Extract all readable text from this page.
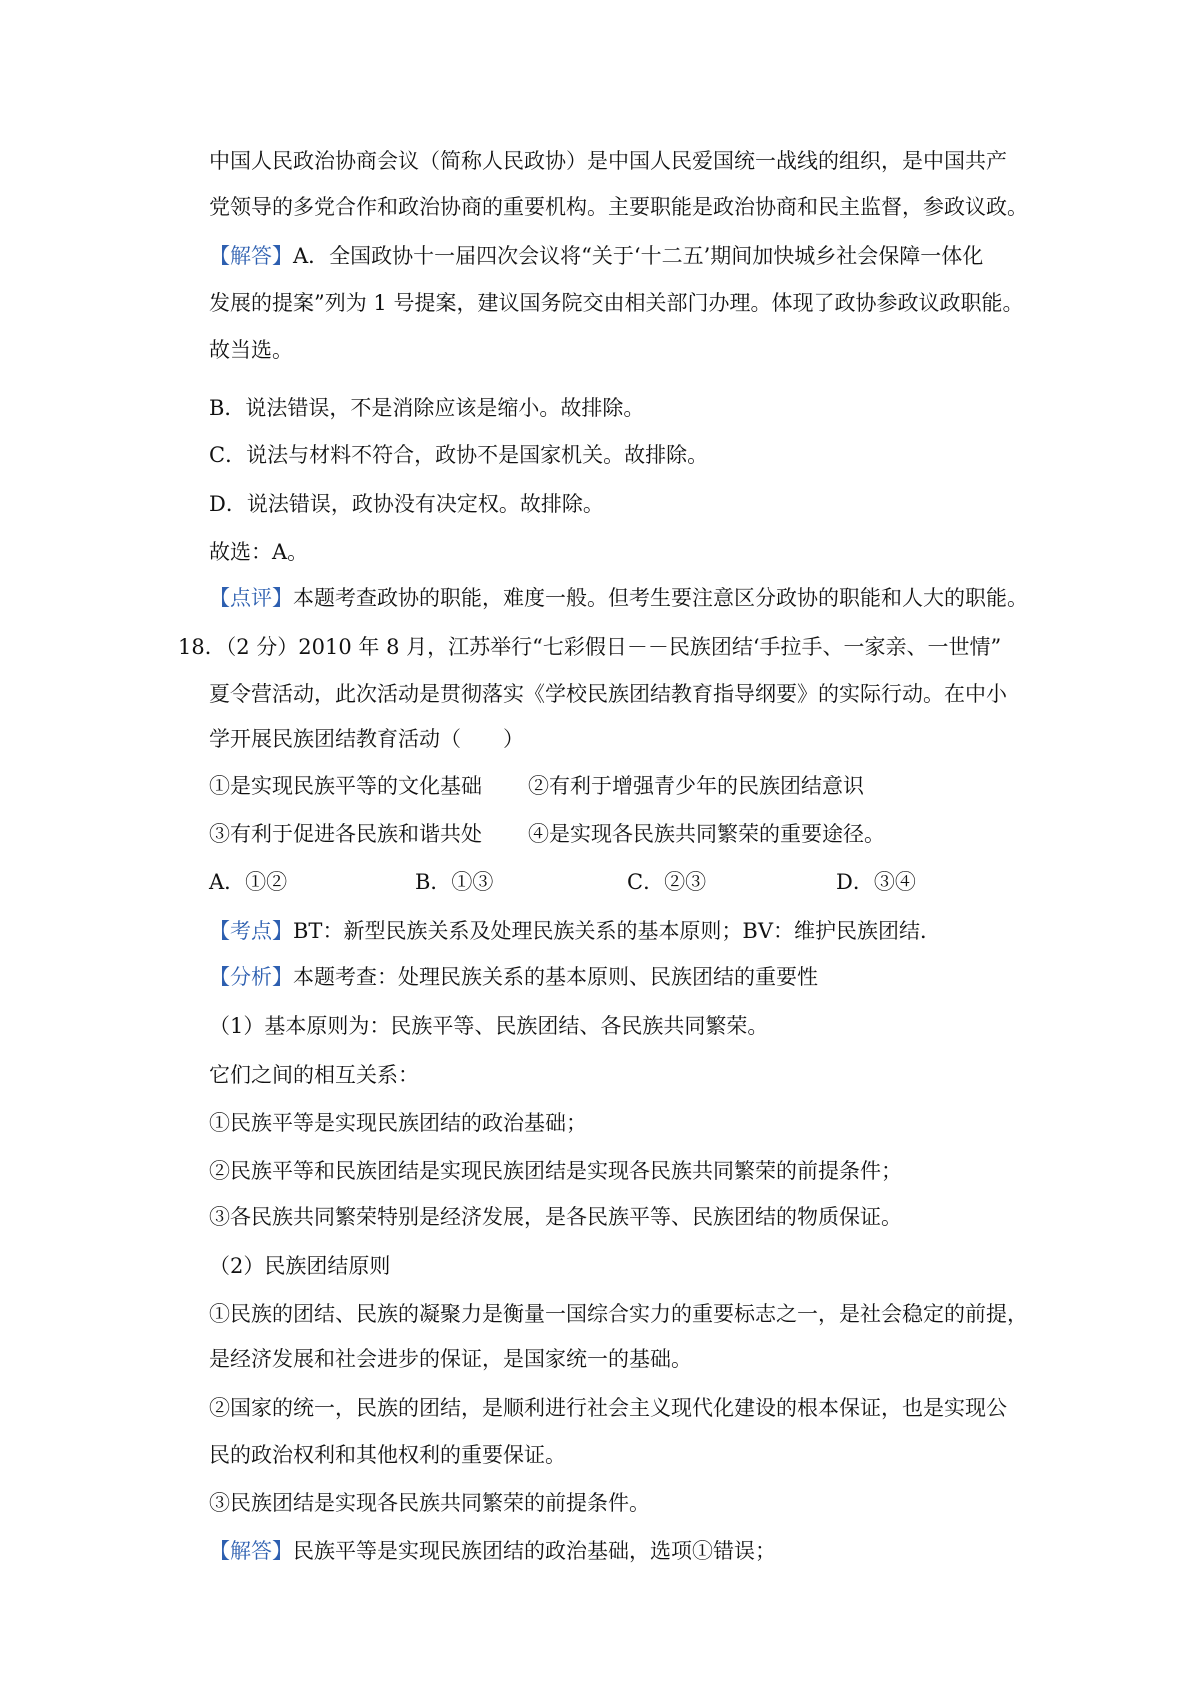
中国人民政治协商会议（简称人民政协）是中国人民爱国统一战线的组织，是中国共产
党领导的多党合作和政治协商的重要机构。主要职能是政治协商和民主监督，参政议政。
【解答】A．全国政协十一届四次会议将“关于‘十二五’期间加快城乡社会保障一体化
发展的提案”列为 1 号提案，建议国务院交由相关部门办理。体现了政协参政议政职能。
故当选。
B．说法错误，不是消除应该是缩小。故排除。
C．说法与材料不符合，政协不是国家机关。故排除。
D．说法错误，政协没有决定权。故排除。
故选：A。
【点评】本题考查政协的职能，难度一般。但考生要注意区分政协的职能和人大的职能。
18．（2 分）2010 年 8 月，江苏举行“七彩假日－－民族团结‘手拉手、一家亲、一世情”
夏令营活动，此次活动是贯彻落实《学校民族团结教育指导纲要》的实际行动。在中小
学开展民族团结教育活动（　　）
①是实现民族平等的文化基础 ②有利于增强青少年的民族团结意识
③有利于促进各民族和谐共处 ④是实现各民族共同繁荣的重要途径。
A．①②	B．①③	C．②③	D．③④
【考点】BT：新型民族关系及处理民族关系的基本原则；BV：维护民族团结．
【分析】本题考查：处理民族关系的基本原则、民族团结的重要性
（1）基本原则为：民族平等、民族团结、各民族共同繁荣。
它们之间的相互关系：
①民族平等是实现民族团结的政治基础；
②民族平等和民族团结是实现民族团结是实现各民族共同繁荣的前提条件；
③各民族共同繁荣特别是经济发展，是各民族平等、民族团结的物质保证。
（2）民族团结原则
①民族的团结、民族的凝聚力是衡量一国综合实力的重要标志之一，是社会稳定的前提，
是经济发展和社会进步的保证，是国家统一的基础。
②国家的统一，民族的团结，是顺利进行社会主义现代化建设的根本保证，也是实现公
民的政治权利和其他权利的重要保证。
③民族团结是实现各民族共同繁荣的前提条件。
【解答】民族平等是实现民族团结的政治基础，选项①错误；
